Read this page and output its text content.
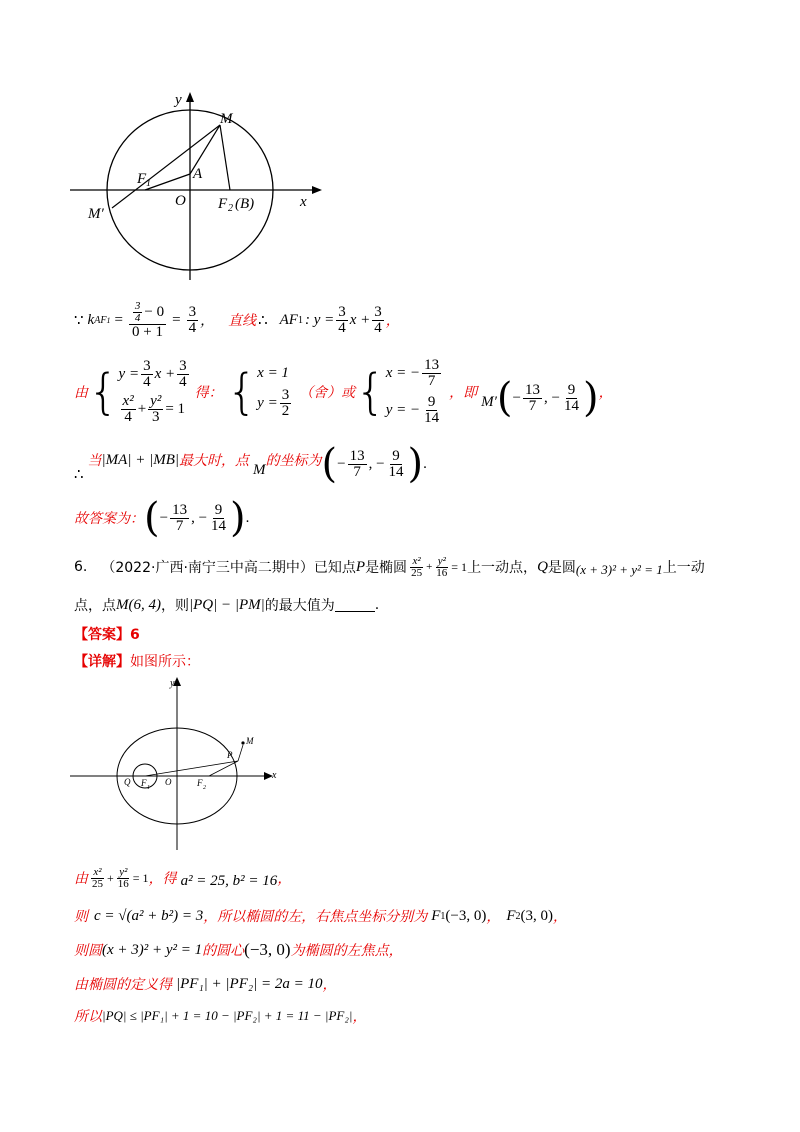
y
x
M
F 1
A
O
M′
F 2 (B)
∵ k AF $1 = \frac{\frac{3}{4} - 0}{0 + 1} = \frac{3}{4}$ ， 直线 ∴ AF 1 : $y = \frac{3}{4}$ $x + \frac{3}{4}$ ，
由 { $y = \frac{3}{4}$ $x + \frac{3}{4}$
$\frac{\text{x²}}{4} + \frac{\text{y²}}{3} = 1$
得： { x = 1
$y = \frac{3}{2}$ （舍）或 { x = − $\frac{13}{7}$
y = − $\frac{9}{14}$
，即
M′ ( − $\frac{13}{7}$ , − $\frac{9}{14}$ ) ，
∴
当 |MA| + |MB| 最大时，点
M
的坐标为 ( − $\frac{13}{7}$ , − $\frac{9}{14}$ ) .
故答案为： ( − $\frac{13}{7}$ , − $\frac{9}{14}$ ) .
6. （2022·广西·南宁三中高二期中）已知点 P 是椭圆 $\frac{\text{x²}}{25} + \frac{\text{y²}}{16} = 1$ 上一动点， Q 是圆 (x + 3)² + y² = 1 上一动
点，点 M(6, 4) ，则 |PQ| − |PM| 的最大值为	.
【答案】6
【详解】如图所示：
y
x
M
P
Q F 1
O	F 2
由 $\frac{\text{x²}}{25} + \frac{\text{y²}}{16} = 1$ ，得 a² = 25, b² = 16 ，
则 c = √(a² + b²) = 3 ，所以椭圆的左，右焦点坐标分别为 F 1 (−3, 0) ， F 2 (3, 0) ，
则圆 (x + 3)² + y² = 1 的圆心 (−3, 0) 为椭圆的左焦点，
由椭圆的定义得 |PF₁| + |PF₂| = 2a = 10 ，
所以 |PQ| ≤ |PF₁| + 1 = 10 − |PF₂| + 1 = 11 − |PF₂| ，
